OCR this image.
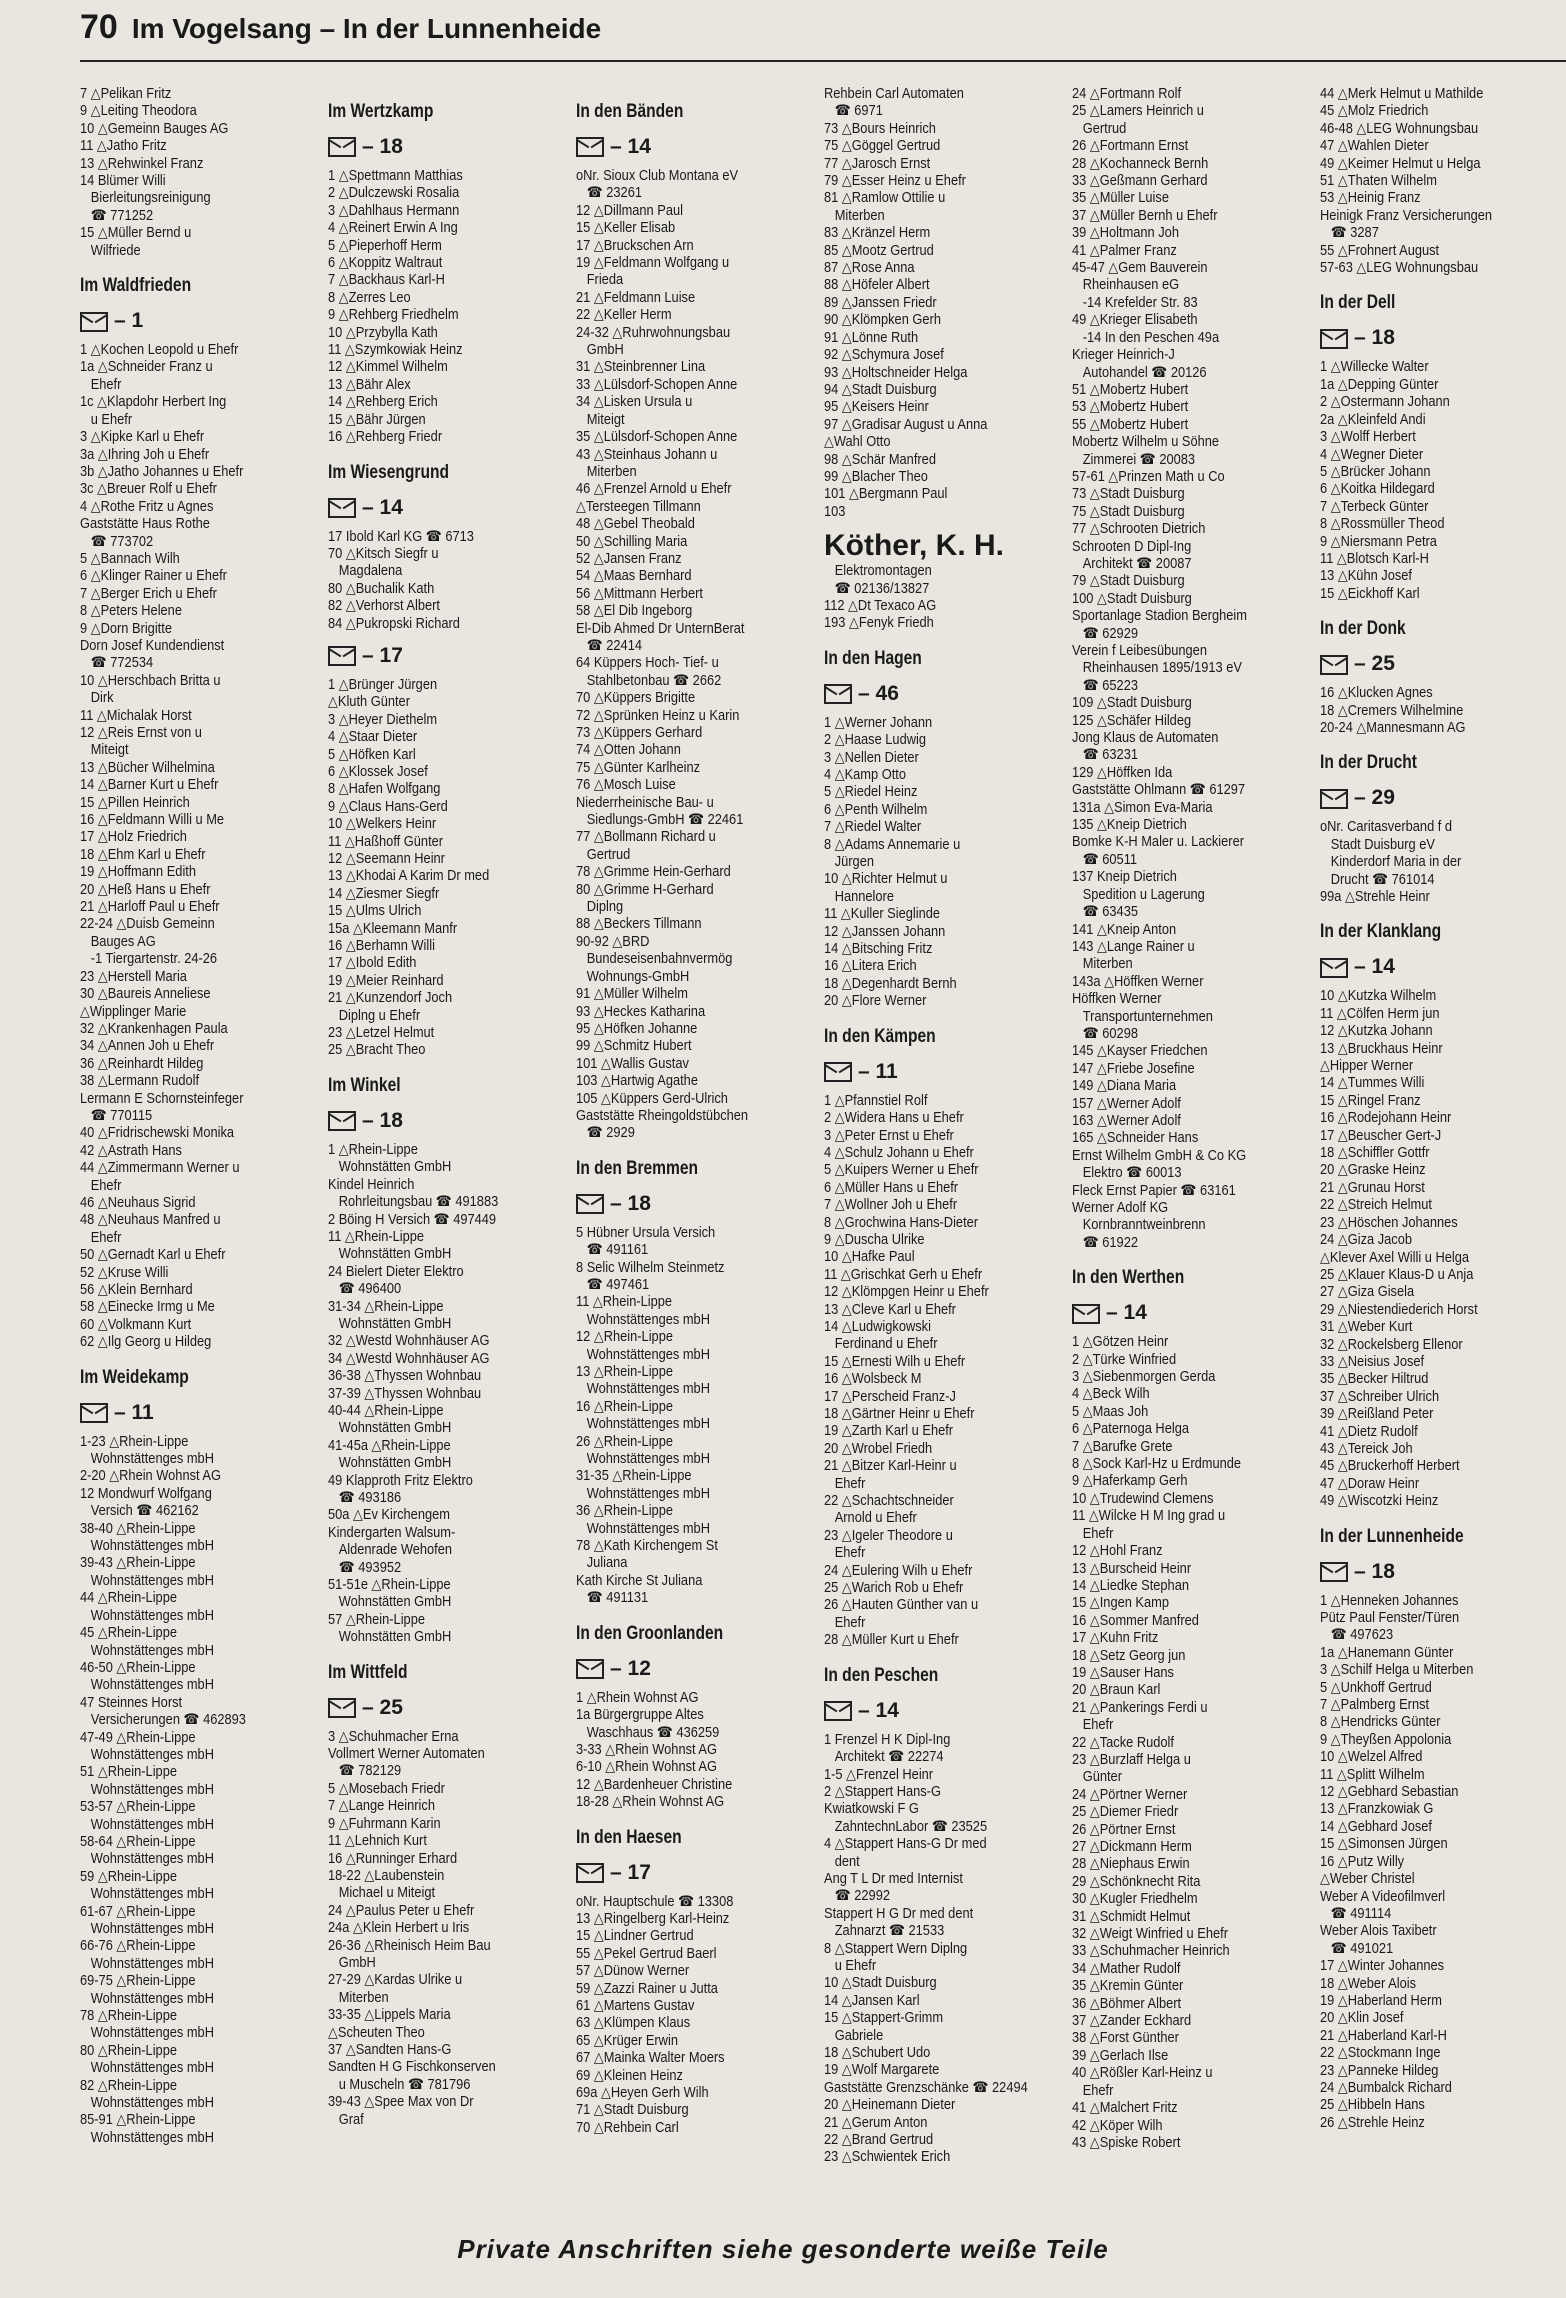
70 Im Vogelsang – In der Lunnenheide
7 △Pelikan Fritz
9 △Leiting Theodora
10 △Gemeinn Bauges AG
11 △Jatho Fritz
13 △Rehwinkel Franz
14 Blümer Willi
Bierleitungsreinigung
☎ 771252
15 △Müller Bernd u
Wilfriede
Im Waldfrieden
– 1
1 △Kochen Leopold u Ehefr
1a △Schneider Franz u
Ehefr
1c △Klapdohr Herbert Ing
u Ehefr
3 △Kipke Karl u Ehefr
3a △Ihring Joh u Ehefr
3b △Jatho Johannes u Ehefr
3c △Breuer Rolf u Ehefr
4 △Rothe Fritz u Agnes
Gaststätte Haus Rothe
☎ 773702
5 △Bannach Wilh
6 △Klinger Rainer u Ehefr
7 △Berger Erich u Ehefr
8 △Peters Helene
9 △Dorn Brigitte
Dorn Josef Kundendienst
☎ 772534
10 △Herschbach Britta u
Dirk
11 △Michalak Horst
12 △Reis Ernst von u
Miteigt
13 △Bücher Wilhelmina
14 △Barner Kurt u Ehefr
15 △Pillen Heinrich
16 △Feldmann Willi u Me
17 △Holz Friedrich
18 △Ehm Karl u Ehefr
19 △Hoffmann Edith
20 △Heß Hans u Ehefr
21 △Harloff Paul u Ehefr
22-24 △Duisb Gemeinn
Bauges AG
-1 Tiergartenstr. 24-26
23 △Herstell Maria
30 △Baureis Anneliese
△Wipplinger Marie
32 △Krankenhagen Paula
34 △Annen Joh u Ehefr
36 △Reinhardt Hildeg
38 △Lermann Rudolf
Lermann E Schornsteinfeger
☎ 770115
40 △Fridrischewski Monika
42 △Astrath Hans
44 △Zimmermann Werner u
Ehefr
46 △Neuhaus Sigrid
48 △Neuhaus Manfred u
Ehefr
50 △Gernadt Karl u Ehefr
52 △Kruse Willi
56 △Klein Bernhard
58 △Einecke Irmg u Me
60 △Volkmann Kurt
62 △Ilg Georg u Hildeg
Im Weidekamp
– 11
1-23 △Rhein-Lippe
Wohnstättenges mbH
2-20 △Rhein Wohnst AG
12 Mondwurf Wolfgang
Versich ☎ 462162
38-40 △Rhein-Lippe
Wohnstättenges mbH
39-43 △Rhein-Lippe
Wohnstättenges mbH
44 △Rhein-Lippe
Wohnstättenges mbH
45 △Rhein-Lippe
Wohnstättenges mbH
46-50 △Rhein-Lippe
Wohnstättenges mbH
47 Steinnes Horst
Versicherungen ☎ 462893
47-49 △Rhein-Lippe
Wohnstättenges mbH
51 △Rhein-Lippe
Wohnstättenges mbH
53-57 △Rhein-Lippe
Wohnstättenges mbH
58-64 △Rhein-Lippe
Wohnstättenges mbH
59 △Rhein-Lippe
Wohnstättenges mbH
61-67 △Rhein-Lippe
Wohnstättenges mbH
66-76 △Rhein-Lippe
Wohnstättenges mbH
69-75 △Rhein-Lippe
Wohnstättenges mbH
78 △Rhein-Lippe
Wohnstättenges mbH
80 △Rhein-Lippe
Wohnstättenges mbH
82 △Rhein-Lippe
Wohnstättenges mbH
85-91 △Rhein-Lippe
Wohnstättenges mbH
Im Wertzkamp
– 18
1 △Spettmann Matthias
2 △Dulczewski Rosalia
3 △Dahlhaus Hermann
4 △Reinert Erwin A Ing
5 △Pieperhoff Herm
6 △Koppitz Waltraut
7 △Backhaus Karl-H
8 △Zerres Leo
9 △Rehberg Friedhelm
10 △Przybylla Kath
11 △Szymkowiak Heinz
12 △Kimmel Wilhelm
13 △Bähr Alex
14 △Rehberg Erich
15 △Bähr Jürgen
16 △Rehberg Friedr
Im Wiesengrund
– 14
17 Ibold Karl KG ☎ 6713
70 △Kitsch Siegfr u
Magdalena
80 △Buchalik Kath
82 △Verhorst Albert
84 △Pukropski Richard
– 17
1 △Brünger Jürgen
△Kluth Günter
3 △Heyer Diethelm
4 △Staar Dieter
5 △Höfken Karl
6 △Klossek Josef
8 △Hafen Wolfgang
9 △Claus Hans-Gerd
10 △Welkers Heinr
11 △Haßhoff Günter
12 △Seemann Heinr
13 △Khodai A Karim Dr med
14 △Ziesmer Siegfr
15 △Ulms Ulrich
15a △Kleemann Manfr
16 △Berhamn Willi
17 △Ibold Edith
19 △Meier Reinhard
21 △Kunzendorf Joch
Diplng u Ehefr
23 △Letzel Helmut
25 △Bracht Theo
Im Winkel
– 18
1 △Rhein-Lippe
Wohnstätten GmbH
Kindel Heinrich
Rohrleitungsbau ☎ 491883
2 Böing H Versich ☎ 497449
11 △Rhein-Lippe
Wohnstätten GmbH
24 Bielert Dieter Elektro
☎ 496400
31-34 △Rhein-Lippe
Wohnstätten GmbH
32 △Westd Wohnhäuser AG
34 △Westd Wohnhäuser AG
36-38 △Thyssen Wohnbau
37-39 △Thyssen Wohnbau
40-44 △Rhein-Lippe
Wohnstätten GmbH
41-45a △Rhein-Lippe
Wohnstätten GmbH
49 Klapproth Fritz Elektro
☎ 493186
50a △Ev Kirchengem
Kindergarten Walsum-
Aldenrade Wehofen
☎ 493952
51-51e △Rhein-Lippe
Wohnstätten GmbH
57 △Rhein-Lippe
Wohnstätten GmbH
Im Wittfeld
– 25
3 △Schuhmacher Erna
Vollmert Werner Automaten
☎ 782129
5 △Mosebach Friedr
7 △Lange Heinrich
9 △Fuhrmann Karin
11 △Lehnich Kurt
16 △Runninger Erhard
18-22 △Laubenstein
Michael u Miteigt
24 △Paulus Peter u Ehefr
24a △Klein Herbert u Iris
26-36 △Rheinisch Heim Bau
GmbH
27-29 △Kardas Ulrike u
Miterben
33-35 △Lippels Maria
△Scheuten Theo
37 △Sandten Hans-G
Sandten H G Fischkonserven
u Muscheln ☎ 781796
39-43 △Spee Max von Dr
Graf
In den Bänden
– 14
oNr. Sioux Club Montana eV
☎ 23261
12 △Dillmann Paul
15 △Keller Elisab
17 △Bruckschen Arn
19 △Feldmann Wolfgang u
Frieda
21 △Feldmann Luise
22 △Keller Herm
24-32 △Ruhrwohnungsbau
GmbH
31 △Steinbrenner Lina
33 △Lülsdorf-Schopen Anne
34 △Lisken Ursula u
Miteigt
35 △Lülsdorf-Schopen Anne
43 △Steinhaus Johann u
Miterben
46 △Frenzel Arnold u Ehefr
△Tersteegen Tillmann
48 △Gebel Theobald
50 △Schilling Maria
52 △Jansen Franz
54 △Maas Bernhard
56 △Mittmann Herbert
58 △El Dib Ingeborg
El-Dib Ahmed Dr UnternBerat
☎ 22414
64 Küppers Hoch- Tief- u
Stahlbetonbau ☎ 2662
70 △Küppers Brigitte
72 △Sprünken Heinz u Karin
73 △Küppers Gerhard
74 △Otten Johann
75 △Günter Karlheinz
76 △Mosch Luise
Niederrheinische Bau- u
Siedlungs-GmbH ☎ 22461
77 △Bollmann Richard u
Gertrud
78 △Grimme Hein-Gerhard
80 △Grimme H-Gerhard
Diplng
88 △Beckers Tillmann
90-92 △BRD
Bundeseisenbahnvermög
Wohnungs-GmbH
91 △Müller Wilhelm
93 △Heckes Katharina
95 △Höfken Johanne
99 △Schmitz Hubert
101 △Wallis Gustav
103 △Hartwig Agathe
105 △Küppers Gerd-Ulrich
Gaststätte Rheingoldstübchen
☎ 2929
In den Bremmen
– 18
5 Hübner Ursula Versich
☎ 491161
8 Selic Wilhelm Steinmetz
☎ 497461
11 △Rhein-Lippe
Wohnstättenges mbH
12 △Rhein-Lippe
Wohnstättenges mbH
13 △Rhein-Lippe
Wohnstättenges mbH
16 △Rhein-Lippe
Wohnstättenges mbH
26 △Rhein-Lippe
Wohnstättenges mbH
31-35 △Rhein-Lippe
Wohnstättenges mbH
36 △Rhein-Lippe
Wohnstättenges mbH
78 △Kath Kirchengem St
Juliana
Kath Kirche St Juliana
☎ 491131
In den Groonlanden
– 12
1 △Rhein Wohnst AG
1a Bürgergruppe Altes
Waschhaus ☎ 436259
3-33 △Rhein Wohnst AG
6-10 △Rhein Wohnst AG
12 △Bardenheuer Christine
18-28 △Rhein Wohnst AG
In den Haesen
– 17
oNr. Hauptschule ☎ 13308
13 △Ringelberg Karl-Heinz
15 △Lindner Gertrud
55 △Pekel Gertrud Baerl
57 △Dünow Werner
59 △Zazzi Rainer u Jutta
61 △Martens Gustav
63 △Klümpen Klaus
65 △Krüger Erwin
67 △Mainka Walter Moers
69 △Kleinen Heinz
69a △Heyen Gerh Wilh
71 △Stadt Duisburg
70 △Rehbein Carl
Rehbein Carl Automaten
☎ 6971
73 △Bours Heinrich
75 △Göggel Gertrud
77 △Jarosch Ernst
79 △Esser Heinz u Ehefr
81 △Ramlow Ottilie u
Miterben
83 △Kränzel Herm
85 △Mootz Gertrud
87 △Rose Anna
88 △Höfeler Albert
89 △Janssen Friedr
90 △Klömpken Gerh
91 △Lönne Ruth
92 △Schymura Josef
93 △Holtschneider Helga
94 △Stadt Duisburg
95 △Keisers Heinr
97 △Gradisar August u Anna
△Wahl Otto
98 △Schär Manfred
99 △Blacher Theo
101 △Bergmann Paul
103
Köther, K. H.
Elektromontagen
☎ 02136/13827
112 △Dt Texaco AG
193 △Fenyk Friedh
In den Hagen
– 46
1 △Werner Johann
2 △Haase Ludwig
3 △Nellen Dieter
4 △Kamp Otto
5 △Riedel Heinz
6 △Penth Wilhelm
7 △Riedel Walter
8 △Adams Annemarie u
Jürgen
10 △Richter Helmut u
Hannelore
11 △Kuller Sieglinde
12 △Janssen Johann
14 △Bitsching Fritz
16 △Litera Erich
18 △Degenhardt Bernh
20 △Flore Werner
In den Kämpen
– 11
1 △Pfannstiel Rolf
2 △Widera Hans u Ehefr
3 △Peter Ernst u Ehefr
4 △Schulz Johann u Ehefr
5 △Kuipers Werner u Ehefr
6 △Müller Hans u Ehefr
7 △Wollner Joh u Ehefr
8 △Grochwina Hans-Dieter
9 △Duscha Ulrike
10 △Hafke Paul
11 △Grischkat Gerh u Ehefr
12 △Klömpgen Heinr u Ehefr
13 △Cleve Karl u Ehefr
14 △Ludwigkowski
Ferdinand u Ehefr
15 △Ernesti Wilh u Ehefr
16 △Wolsbeck M
17 △Perscheid Franz-J
18 △Gärtner Heinr u Ehefr
19 △Zarth Karl u Ehefr
20 △Wrobel Friedh
21 △Bitzer Karl-Heinr u
Ehefr
22 △Schachtschneider
Arnold u Ehefr
23 △Igeler Theodore u
Ehefr
24 △Eulering Wilh u Ehefr
25 △Warich Rob u Ehefr
26 △Hauten Günther van u
Ehefr
28 △Müller Kurt u Ehefr
In den Peschen
– 14
1 Frenzel H K Dipl-Ing
Architekt ☎ 22274
1-5 △Frenzel Heinr
2 △Stappert Hans-G
Kwiatkowski F G
ZahntechnLabor ☎ 23525
4 △Stappert Hans-G Dr med
dent
Ang T L Dr med Internist
☎ 22992
Stappert H G Dr med dent
Zahnarzt ☎ 21533
8 △Stappert Wern Diplng
u Ehefr
10 △Stadt Duisburg
14 △Jansen Karl
15 △Stappert-Grimm
Gabriele
18 △Schubert Udo
19 △Wolf Margarete
Gaststätte Grenzschänke ☎ 22494
20 △Heinemann Dieter
21 △Gerum Anton
22 △Brand Gertrud
23 △Schwientek Erich
24 △Fortmann Rolf
25 △Lamers Heinrich u
Gertrud
26 △Fortmann Ernst
28 △Kochanneck Bernh
33 △Geßmann Gerhard
35 △Müller Luise
37 △Müller Bernh u Ehefr
39 △Holtmann Joh
41 △Palmer Franz
45-47 △Gem Bauverein
Rheinhausen eG
-14 Krefelder Str. 83
49 △Krieger Elisabeth
-14 In den Peschen 49a
Krieger Heinrich-J
Autohandel ☎ 20126
51 △Mobertz Hubert
53 △Mobertz Hubert
55 △Mobertz Hubert
Mobertz Wilhelm u Söhne
Zimmerei ☎ 20083
57-61 △Prinzen Math u Co
73 △Stadt Duisburg
75 △Stadt Duisburg
77 △Schrooten Dietrich
Schrooten D Dipl-Ing
Architekt ☎ 20087
79 △Stadt Duisburg
100 △Stadt Duisburg
Sportanlage Stadion Bergheim
☎ 62929
Verein f Leibesübungen
Rheinhausen 1895/1913 eV
☎ 65223
109 △Stadt Duisburg
125 △Schäfer Hildeg
Jong Klaus de Automaten
☎ 63231
129 △Höffken Ida
Gaststätte Ohlmann ☎ 61297
131a △Simon Eva-Maria
135 △Kneip Dietrich
Bomke K-H Maler u. Lackierer
☎ 60511
137 Kneip Dietrich
Spedition u Lagerung
☎ 63435
141 △Kneip Anton
143 △Lange Rainer u
Miterben
143a △Höffken Werner
Höffken Werner
Transportunternehmen
☎ 60298
145 △Kayser Friedchen
147 △Friebe Josefine
149 △Diana Maria
157 △Werner Adolf
163 △Werner Adolf
165 △Schneider Hans
Ernst Wilhelm GmbH & Co KG
Elektro ☎ 60013
Fleck Ernst Papier ☎ 63161
Werner Adolf KG
Kornbranntweinbrenn
☎ 61922
In den Werthen
– 14
1 △Götzen Heinr
2 △Türke Winfried
3 △Siebenmorgen Gerda
4 △Beck Wilh
5 △Maas Joh
6 △Paternoga Helga
7 △Barufke Grete
8 △Sock Karl-Hz u Erdmunde
9 △Haferkamp Gerh
10 △Trudewind Clemens
11 △Wilcke H M Ing grad u
Ehefr
12 △Hohl Franz
13 △Burscheid Heinr
14 △Liedke Stephan
15 △Ingen Kamp
16 △Sommer Manfred
17 △Kuhn Fritz
18 △Setz Georg jun
19 △Sauser Hans
20 △Braun Karl
21 △Pankerings Ferdi u
Ehefr
22 △Tacke Rudolf
23 △Burzlaff Helga u
Günter
24 △Pörtner Werner
25 △Diemer Friedr
26 △Pörtner Ernst
27 △Dickmann Herm
28 △Niephaus Erwin
29 △Schönknecht Rita
30 △Kugler Friedhelm
31 △Schmidt Helmut
32 △Weigt Winfried u Ehefr
33 △Schuhmacher Heinrich
34 △Mather Rudolf
35 △Kremin Günter
36 △Böhmer Albert
37 △Zander Eckhard
38 △Forst Günther
39 △Gerlach Ilse
40 △Rößler Karl-Heinz u
Ehefr
41 △Malchert Fritz
42 △Köper Wilh
43 △Spiske Robert
44 △Merk Helmut u Mathilde
45 △Molz Friedrich
46-48 △LEG Wohnungsbau
47 △Wahlen Dieter
49 △Keimer Helmut u Helga
51 △Thaten Wilhelm
53 △Heinig Franz
Heinigk Franz Versicherungen
☎ 3287
55 △Frohnert August
57-63 △LEG Wohnungsbau
In der Dell
– 18
1 △Willecke Walter
1a △Depping Günter
2 △Ostermann Johann
2a △Kleinfeld Andi
3 △Wolff Herbert
4 △Wegner Dieter
5 △Brücker Johann
6 △Koitka Hildegard
7 △Terbeck Günter
8 △Rossmüller Theod
9 △Niersmann Petra
11 △Blotsch Karl-H
13 △Kühn Josef
15 △Eickhoff Karl
In der Donk
– 25
16 △Klucken Agnes
18 △Cremers Wilhelmine
20-24 △Mannesmann AG
In der Drucht
– 29
oNr. Caritasverband f d
Stadt Duisburg eV
Kinderdorf Maria in der
Drucht ☎ 761014
99a △Strehle Heinr
In der Klanklang
– 14
10 △Kutzka Wilhelm
11 △Cölfen Herm jun
12 △Kutzka Johann
13 △Bruckhaus Heinr
△Hipper Werner
14 △Tummes Willi
15 △Ringel Franz
16 △Rodejohann Heinr
17 △Beuscher Gert-J
18 △Schiffler Gottfr
20 △Graske Heinz
21 △Grunau Horst
22 △Streich Helmut
23 △Höschen Johannes
24 △Giza Jacob
△Klever Axel Willi u Helga
25 △Klauer Klaus-D u Anja
27 △Giza Gisela
29 △Niestendiederich Horst
31 △Weber Kurt
32 △Rockelsberg Ellenor
33 △Neisius Josef
35 △Becker Hiltrud
37 △Schreiber Ulrich
39 △Reißland Peter
41 △Dietz Rudolf
43 △Tereick Joh
45 △Bruckerhoff Herbert
47 △Doraw Heinr
49 △Wiscotzki Heinz
In der Lunnenheide
– 18
1 △Henneken Johannes
Pütz Paul Fenster/Türen
☎ 497623
1a △Hanemann Günter
3 △Schilf Helga u Miterben
5 △Unkhoff Gertrud
7 △Palmberg Ernst
8 △Hendricks Günter
9 △Theyßen Appolonia
10 △Welzel Alfred
11 △Splitt Wilhelm
12 △Gebhard Sebastian
13 △Franzkowiak G
14 △Gebhard Josef
15 △Simonsen Jürgen
16 △Putz Willy
△Weber Christel
Weber A Videofilmverl
☎ 491114
Weber Alois Taxibetr
☎ 491021
17 △Winter Johannes
18 △Weber Alois
19 △Haberland Herm
20 △Klin Josef
21 △Haberland Karl-H
22 △Stockmann Inge
23 △Panneke Hildeg
24 △Bumbalck Richard
25 △Hibbeln Hans
26 △Strehle Heinz
Private Anschriften siehe gesonderte weiße Teile
